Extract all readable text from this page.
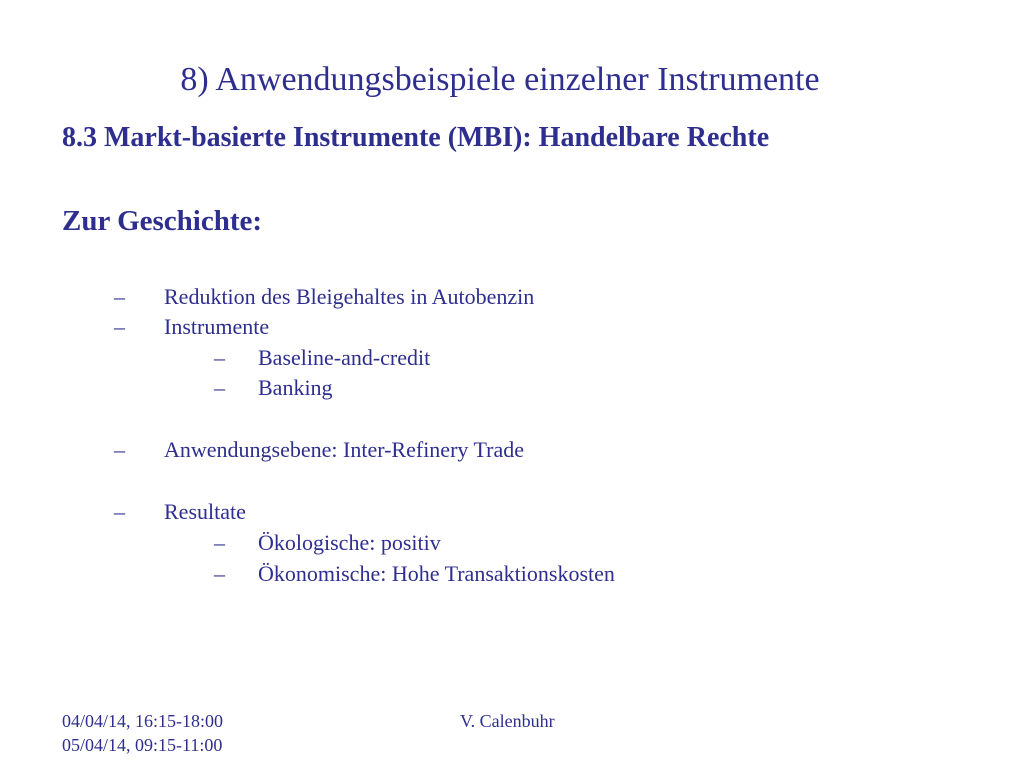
8) Anwendungsbeispiele einzelner Instrumente
8.3 Markt-basierte Instrumente (MBI): Handelbare Rechte
Zur Geschichte:
– Reduktion des Bleigehaltes in Autobenzin
– Instrumente
– Baseline-and-credit
– Banking
– Anwendungsebene: Inter-Refinery Trade
– Resultate
– Ökologische: positiv
– Ökonomische: Hohe Transaktionskosten
04/04/14, 16:15-18:00
05/04/14, 09:15-11:00
V. Calenbuhr
